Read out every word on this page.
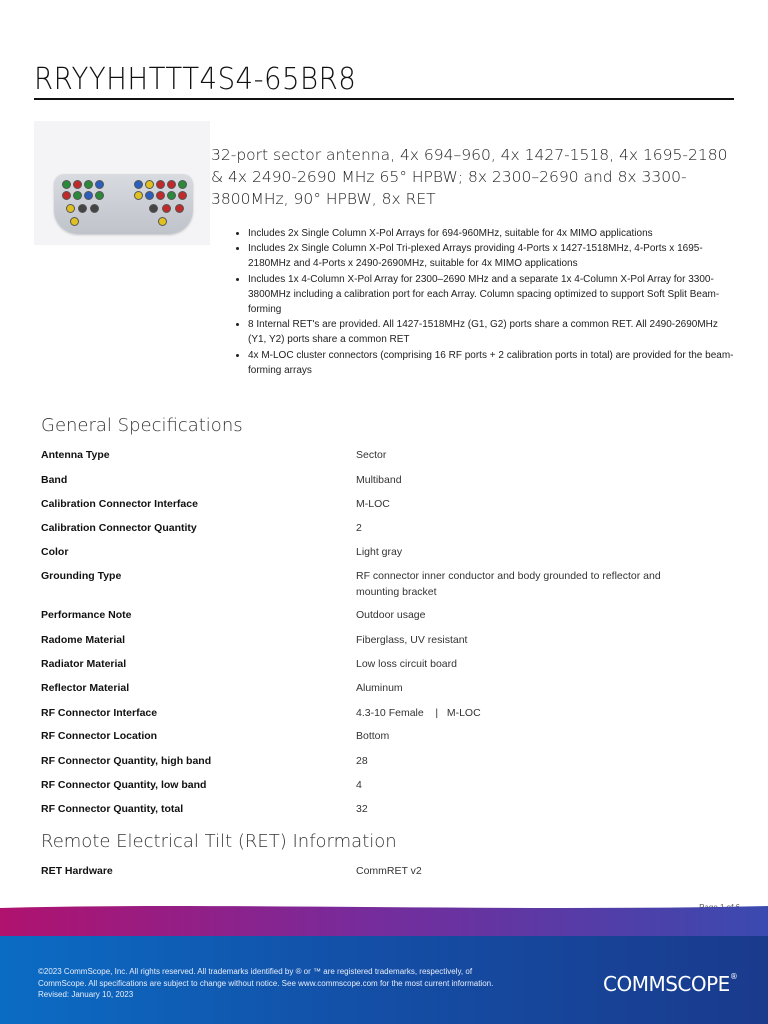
RRYYHHTTT4S4-65BR8
32-port sector antenna, 4x 694–960, 4x 1427-1518, 4x 1695-2180 & 4x 2490-2690 MHz 65° HPBW; 8x 2300–2690 and 8x 3300-3800MHz, 90° HPBW, 8x RET
• Includes 2x Single Column X-Pol Arrays for 694-960MHz, suitable for 4x MIMO applications
• Includes 2x Single Column X-Pol Tri-plexed Arrays providing 4-Ports x 1427-1518MHz, 4-Ports x 1695-2180MHz and 4-Ports x 2490-2690MHz, suitable for 4x MIMO applications
• Includes 1x 4-Column X-Pol Array for 2300–2690 MHz and a separate 1x 4-Column X-Pol Array for 3300-3800MHz including a calibration port for each Array. Column spacing optimized to support Soft Split Beam-forming
• 8 Internal RET's are provided. All 1427-1518MHz (G1, G2) ports share a common RET. All 2490-2690MHz (Y1, Y2) ports share a common RET
• 4x M-LOC cluster connectors (comprising 16 RF ports + 2 calibration ports in total) are provided for the beam-forming arrays
General Specifications
Antenna Type	Sector
Band	Multiband
Calibration Connector Interface	M-LOC
Calibration Connector Quantity	2
Color	Light gray
Grounding Type	RF connector inner conductor and body grounded to reflector and mounting bracket
Performance Note	Outdoor usage
Radome Material	Fiberglass, UV resistant
Radiator Material	Low loss circuit board
Reflector Material	Aluminum
RF Connector Interface	4.3-10 Female    |   M-LOC
RF Connector Location	Bottom
RF Connector Quantity, high band	28
RF Connector Quantity, low band	4
RF Connector Quantity, total	32
Remote Electrical Tilt (RET) Information
RET Hardware	CommRET v2
©2023 CommScope, Inc. All rights reserved. All trademarks identified by ® or ™ are registered trademarks, respectively, of CommScope. All specifications are subject to change without notice. See www.commscope.com for the most current information. Revised: January 10, 2023	COMMSCOPE®
